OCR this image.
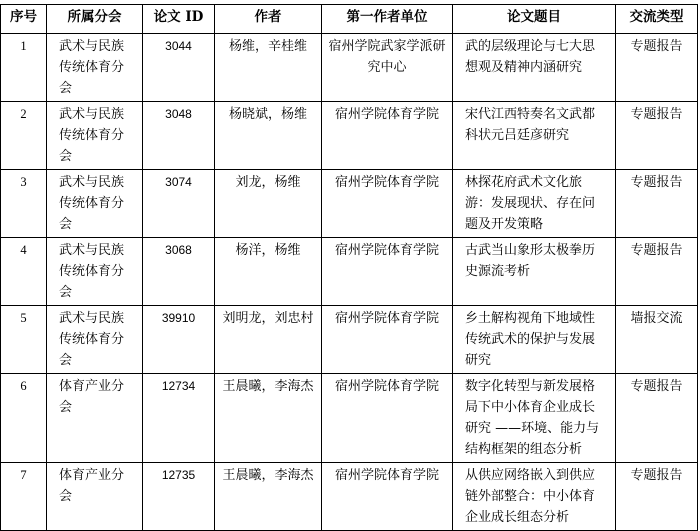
序号	所属分会	论文 ID	作者	第一作者单位	论文题目	交流类型
1	武术与民族传统体育分会	3044	杨维，辛桂维	宿州学院武家学派研究中心	武的层级理论与七大思想观及精神内涵研究	专题报告
2	武术与民族传统体育分会	3048	杨晓斌，杨维	宿州学院体育学院	宋代江西特奏名文武都科状元吕廷彦研究	专题报告
3	武术与民族传统体育分会	3074	刘龙，杨维	宿州学院体育学院	林探花府武术文化旅游：发展现状、存在问题及开发策略	专题报告
4	武术与民族传统体育分会	3068	杨洋，杨维	宿州学院体育学院	古武当山象形太极拳历史源流考析	专题报告
5	武术与民族传统体育分会	39910	刘明龙，刘忠村	宿州学院体育学院	乡土解构视角下地域性传统武术的保护与发展研究	墙报交流
6	体育产业分会	12734	王晨曦，李海杰	宿州学院体育学院	数字化转型与新发展格局下中小体育企业成长研究 ——环境、能力与结构框架的组态分析	专题报告
7	体育产业分会	12735	王晨曦，李海杰	宿州学院体育学院	从供应网络嵌入到供应链外部整合：中小体育企业成长组态分析	专题报告
